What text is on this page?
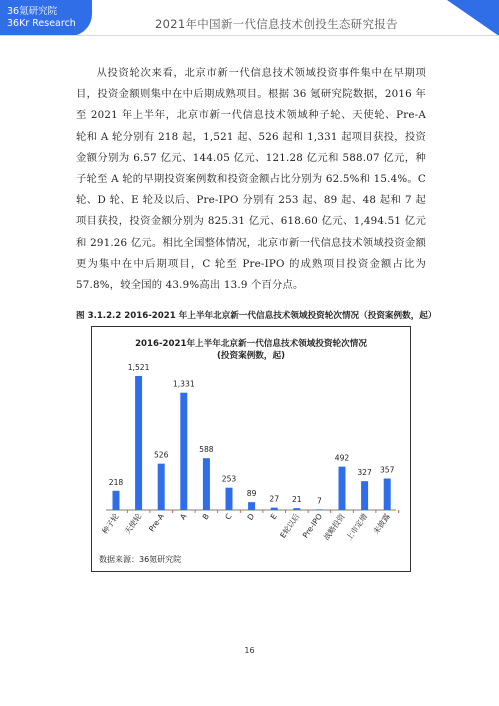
36氪研究院
36Kr Research	2021年中国新一代信息技术创投生态研究报告
从投资轮次来看，北京市新一代信息技术领域投资事件集中在早期项目，投资金额则集中在中后期成熟项目。根据 36 氪研究院数据，2016 年至 2021 年上半年，北京市新一代信息技术领域种子轮、天使轮、Pre-A 轮和 A 轮分别有 218 起，1,521 起、526 起和 1,331 起项目获投，投资金额分别为 6.57 亿元、144.05 亿元、121.28 亿元和 588.07 亿元，种子轮至 A 轮的早期投资案例数和投资金额占比分别为 62.5%和 15.4%。C 轮、D 轮、E 轮及以后、Pre-IPO 分别有 253 起、89 起、48 起和 7 起项目获投，投资金额分别为 825.31 亿元、618.60 亿元、1,494.51 亿元和 291.26 亿元。相比全国整体情况，北京市新一代信息技术领域投资金额更为集中在中后期项目，C 轮至 Pre-IPO 的成熟项目投资金额占比为 57.8%，较全国的 43.9%高出 13.9 个百分点。
图 3.1.2.2 2016-2021 年上半年北京新一代信息技术领域投资轮次情况（投资案例数，起）
2016-2021年上半年北京新一代信息技术领域投资轮次情况
(投资案例数，起)
218
种子轮
1,521
天使轮
526
Pre-A
1,331
A
588
B
253
C
89
D
27
E
21
E轮以后
7
Pre-IPO
492
战略投资
327
上市定增
357
未披露
数据来源：36氪研究院
16
